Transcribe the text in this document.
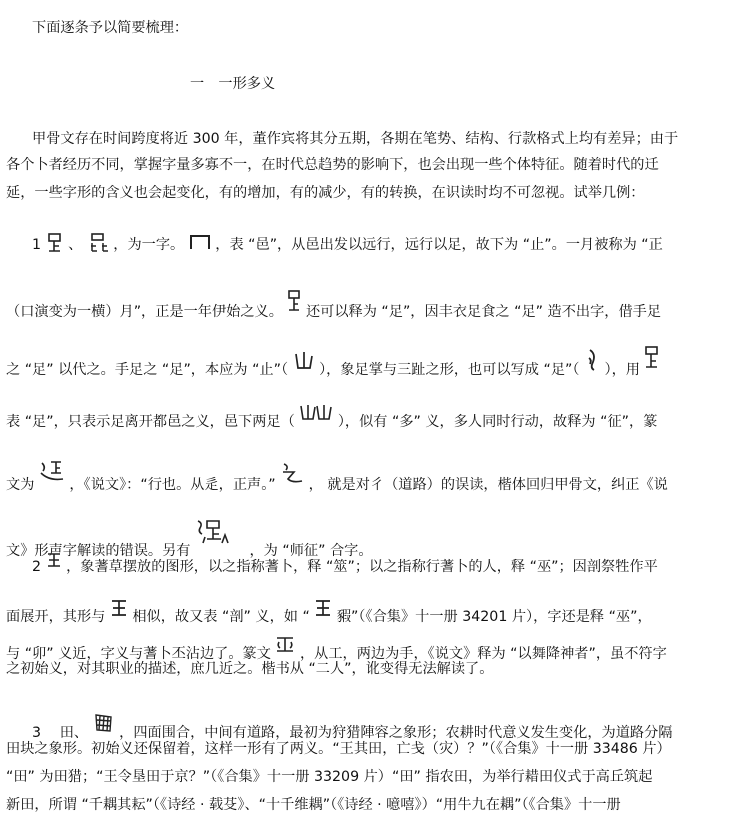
下面逐条予以简要梳理：
一　一形多义
甲骨文存在时间跨度将近 300 年，董作宾将其分五期，各期在笔势、结构、行款格式上均有差异；由于
各个卜者经历不同，掌握字量多寡不一，在时代总趋势的影响下，也会出现一些个体特征。随着时代的迁
延，一些字形的含义也会起变化，有的增加，有的减少，有的转换，在识读时均不可忽视。试举几例：
1 、 ，为一字。 ，表 “邑”，从邑出发以远行，远行以足，故下为 “止”。一月被称为 “正
（口演变为一横）月”，正是一年伊始之义。 还可以释为 “足”，因丰衣足食之 “足” 造不出字，借手足
之 “足” 以代之。手足之 “足”，本应为 “止”（ ），象足掌与三趾之形，也可以写成 “足”（ ），用
表 “足”，只表示足离开都邑之义，邑下两足（	），似有 “多” 义，多人同时行动，故释为 “征”，篆
文为 ，《说文》：“行也。从辵，正声。” ， 就是对彳（道路）的误读，楷体回归甲骨文，纠正《说
文》形声字解读的错误。另有	，为 “师征” 合字。
2 ，象蓍草摆放的图形，以之指称蓍卜，释 “筮”；以之指称行蓍卜的人，释 “巫”；因剖祭牲作平
面展开，其形与 相似，故又表 “剖” 义，如 “ 豭”（《合集》十一册 34201 片），字还是释 “巫”，
与 “卯” 义近，字义与蓍卜丕沾边了。篆文 ，从工，两边为手，《说文》释为 “以舞降神者”，虽不符字
之初始义，对其职业的描述，庶几近之。楷书从 “二人”，讹变得无法解读了。
3　 田、 ，四面围合，中间有道路，最初为狩猎陣容之象形；农耕时代意义发生变化，为道路分隔
田块之象形。初始义还保留着，这样一形有了两义。“王其田，亡戋（灾）？”（《合集》十一册 33486 片）
“田” 为田猎；“王令垦田于京？”（《合集》十一册 33209 片）“田” 指农田，为举行耤田仪式于高丘筑起
新田，所谓 “千耦其耘”（《诗经 · 载芟》、“十千维耦”（《诗经 · 噫嘻》）“用牛九在耦”（《合集》十一册
